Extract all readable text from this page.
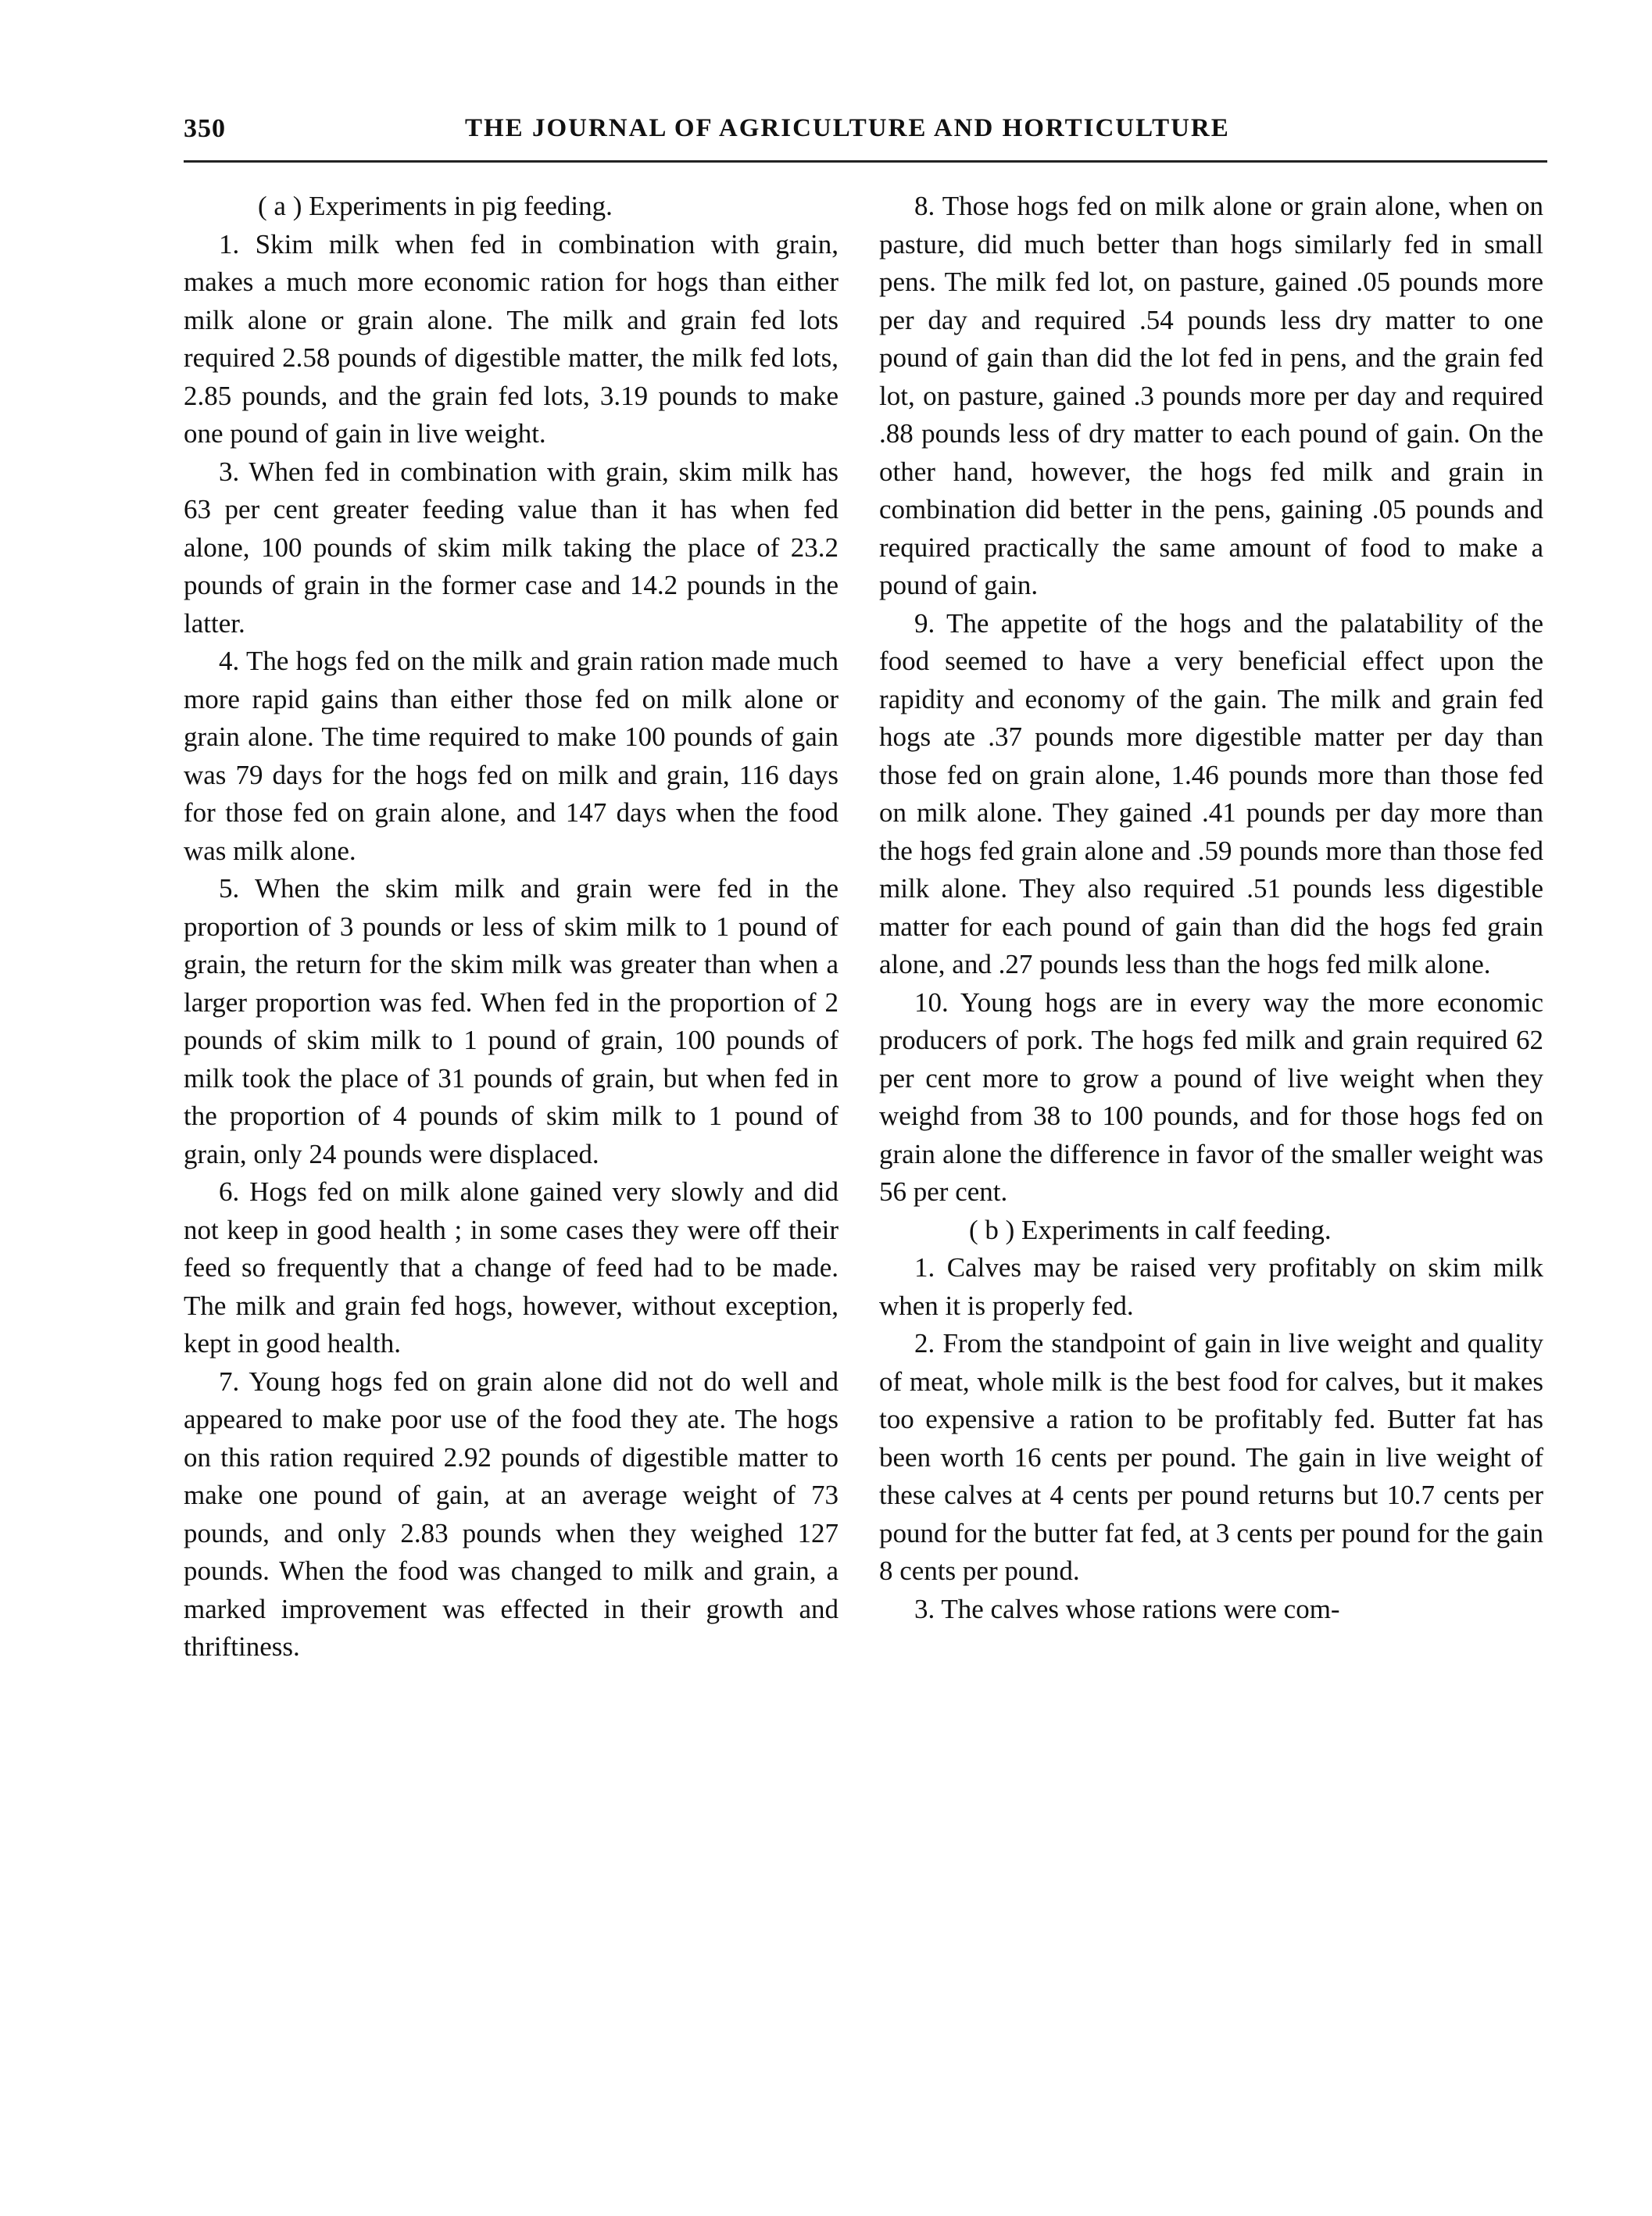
350	THE JOURNAL OF AGRICULTURE AND HORTICULTURE

( a ) Experiments in pig feeding.

1. Skim milk when fed in combination with grain, makes a much more economic ration for hogs than either milk alone or grain alone. The milk and grain fed lots required 2.58 pounds of digestible matter, the milk fed lots, 2.85 pounds, and the grain fed lots, 3.19 pounds to make one pound of gain in live weight.

3. When fed in combination with grain, skim milk has 63 per cent greater feeding value than it has when fed alone, 100 pounds of skim milk taking the place of 23.2 pounds of grain in the former case and 14.2 pounds in the latter.

4. The hogs fed on the milk and grain ration made much more rapid gains than either those fed on milk alone or grain alone. The time required to make 100 pounds of gain was 79 days for the hogs fed on milk and grain, 116 days for those fed on grain alone, and 147 days when the food was milk alone.

5. When the skim milk and grain were fed in the proportion of 3 pounds or less of skim milk to 1 pound of grain, the return for the skim milk was greater than when a larger proportion was fed. When fed in the proportion of 2 pounds of skim milk to 1 pound of grain, 100 pounds of milk took the place of 31 pounds of grain, but when fed in the proportion of 4 pounds of skim milk to 1 pound of grain, only 24 pounds were displaced.

6. Hogs fed on milk alone gained very slowly and did not keep in good health ; in some cases they were off their feed so frequently that a change of feed had to be made. The milk and grain fed hogs, however, without exception, kept in good health.

7. Young hogs fed on grain alone did not do well and appeared to make poor use of the food they ate. The hogs on this ration required 2.92 pounds of digestible matter to make one pound of gain, at an average weight of 73 pounds, and only 2.83 pounds when they weighed 127 pounds. When the food was changed to milk and grain, a marked improvement was effected in their growth and thriftiness.

8. Those hogs fed on milk alone or grain alone, when on pasture, did much better than hogs similarly fed in small pens. The milk fed lot, on pasture, gained .05 pounds more per day and required .54 pounds less dry matter to one pound of gain than did the lot fed in pens, and the grain fed lot, on pasture, gained .3 pounds more per day and required .88 pounds less of dry matter to each pound of gain. On the other hand, however, the hogs fed milk and grain in combination did better in the pens, gaining .05 pounds and required practically the same amount of food to make a pound of gain.

9. The appetite of the hogs and the palatability of the food seemed to have a very beneficial effect upon the rapidity and economy of the gain. The milk and grain fed hogs ate .37 pounds more digestible matter per day than those fed on grain alone, 1.46 pounds more than those fed on milk alone. They gained .41 pounds per day more than the hogs fed grain alone and .59 pounds more than those fed milk alone. They also required .51 pounds less digestible matter for each pound of gain than did the hogs fed grain alone, and .27 pounds less than the hogs fed milk alone.

10. Young hogs are in every way the more economic producers of pork. The hogs fed milk and grain required 62 per cent more to grow a pound of live weight when they weighd from 38 to 100 pounds, and for those hogs fed on grain alone the difference in favor of the smaller weight was 56 per cent.

( b ) Experiments in calf feeding.

1. Calves may be raised very profitably on skim milk when it is properly fed.

2. From the standpoint of gain in live weight and quality of meat, whole milk is the best food for calves, but it makes too expensive a ration to be profitably fed. Butter fat has been worth 16 cents per pound. The gain in live weight of these calves at 4 cents per pound returns but 10.7 cents per pound for the butter fat fed, at 3 cents per pound for the gain 8 cents per pound.

3. The calves whose rations were com-
